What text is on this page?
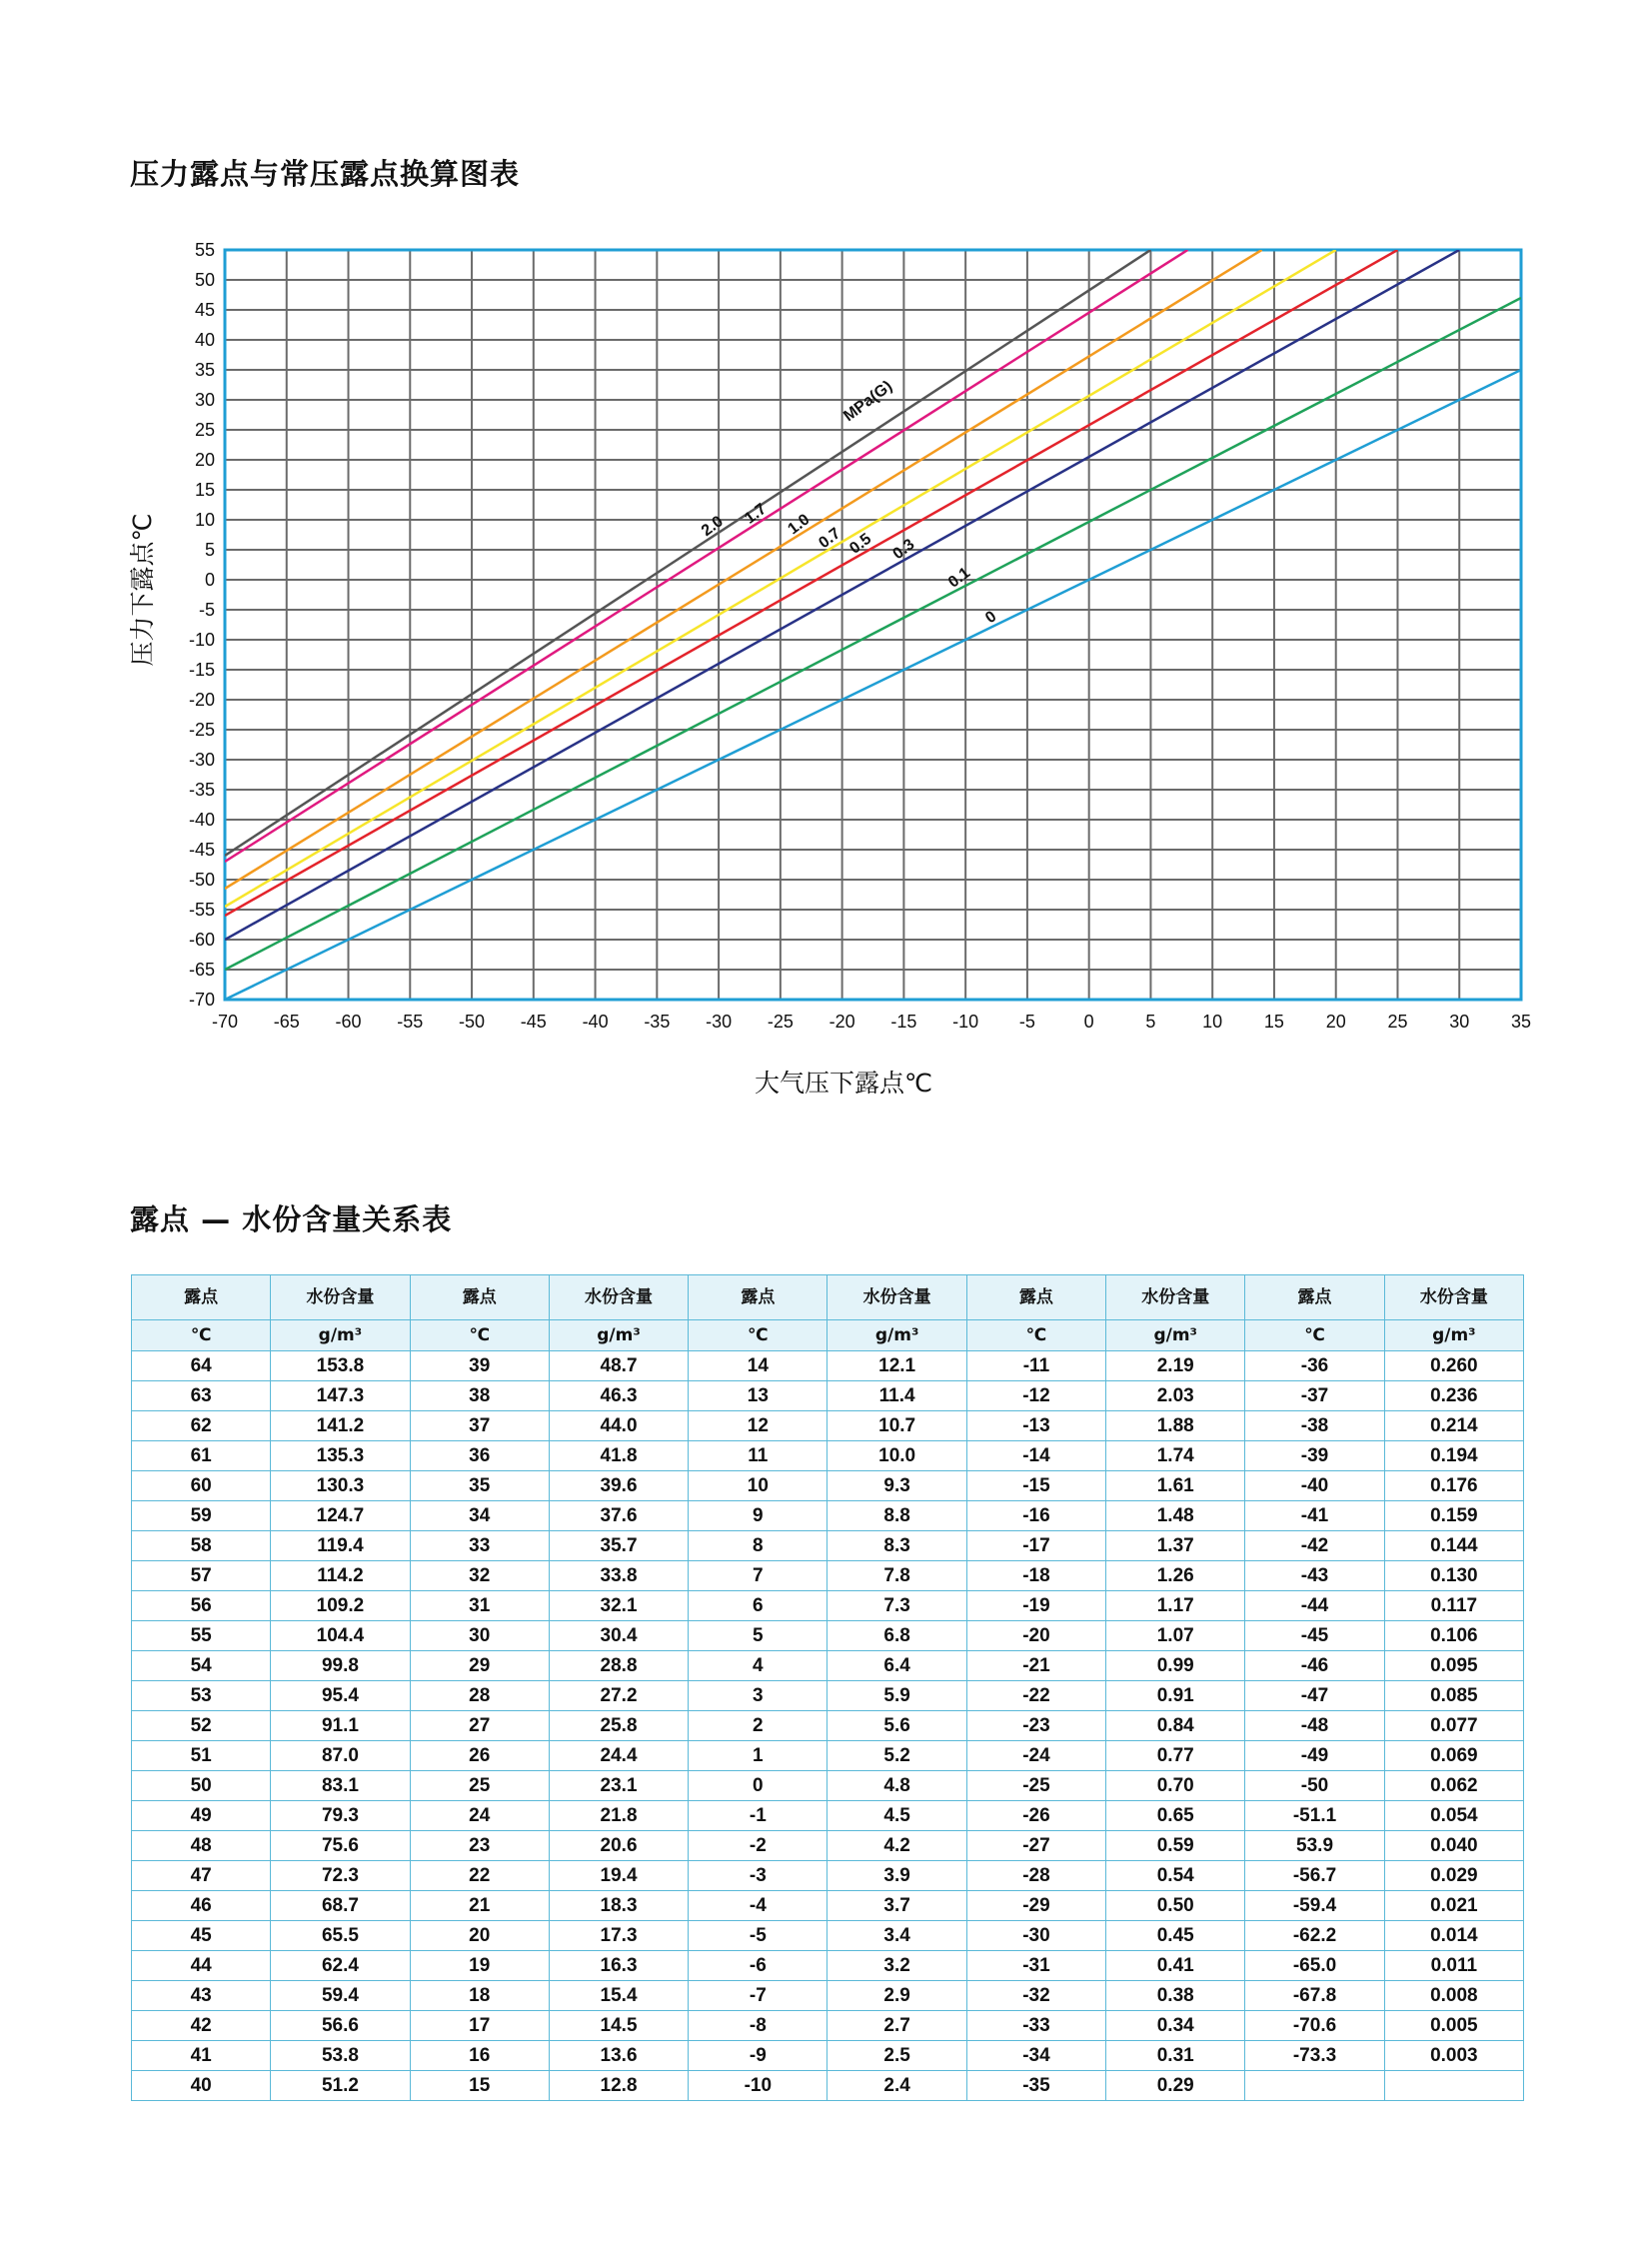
压力露点与常压露点换算图表
-70 -65 -60 -55 -50 -45 -40 -35 -30 -25 -20 -15 -10 -5	0	5	10 15 20 25 30 35
55
50
45
40
35
30
25
20
15
10
5
0
-5
-10
-15
-20
-25
-30
-35
-40
-45
-50
-55
-60
-65
-70
2.0 1.7 1.0
0.7 0.5 0.3
0.1
0
大气压下露点℃
压力下露点℃
MPa(G)
露点 — 水份含量关系表
露点	水份含量	露点	水份含量	露点	水份含量	露点	水份含量	露点	水份含量
℃	g/m³	℃	g/m³	℃	g/m³	℃	g/m³	℃	g/m³
64	153.8	39	48.7	14	12.1	-11	2.19	-36	0.260
63	147.3	38	46.3	13	11.4	-12	2.03	-37	0.236
62	141.2	37	44.0	12	10.7	-13	1.88	-38	0.214
61	135.3	36	41.8	11	10.0	-14	1.74	-39	0.194
60	130.3	35	39.6	10	9.3	-15	1.61	-40	0.176
59	124.7	34	37.6	9	8.8	-16	1.48	-41	0.159
58	119.4	33	35.7	8	8.3	-17	1.37	-42	0.144
57	114.2	32	33.8	7	7.8	-18	1.26	-43	0.130
56	109.2	31	32.1	6	7.3	-19	1.17	-44	0.117
55	104.4	30	30.4	5	6.8	-20	1.07	-45	0.106
54	99.8	29	28.8	4	6.4	-21	0.99	-46	0.095
53	95.4	28	27.2	3	5.9	-22	0.91	-47	0.085
52	91.1	27	25.8	2	5.6	-23	0.84	-48	0.077
51	87.0	26	24.4	1	5.2	-24	0.77	-49	0.069
50	83.1	25	23.1	0	4.8	-25	0.70	-50	0.062
49	79.3	24	21.8	-1	4.5	-26	0.65	-51.1	0.054
48	75.6	23	20.6	-2	4.2	-27	0.59	53.9	0.040
47	72.3	22	19.4	-3	3.9	-28	0.54	-56.7	0.029
46	68.7	21	18.3	-4	3.7	-29	0.50	-59.4	0.021
45	65.5	20	17.3	-5	3.4	-30	0.45	-62.2	0.014
44	62.4	19	16.3	-6	3.2	-31	0.41	-65.0	0.011
43	59.4	18	15.4	-7	2.9	-32	0.38	-67.8	0.008
42	56.6	17	14.5	-8	2.7	-33	0.34	-70.6	0.005
41	53.8	16	13.6	-9	2.5	-34	0.31	-73.3	0.003
40	51.2	15	12.8	-10	2.4	-35	0.29		
